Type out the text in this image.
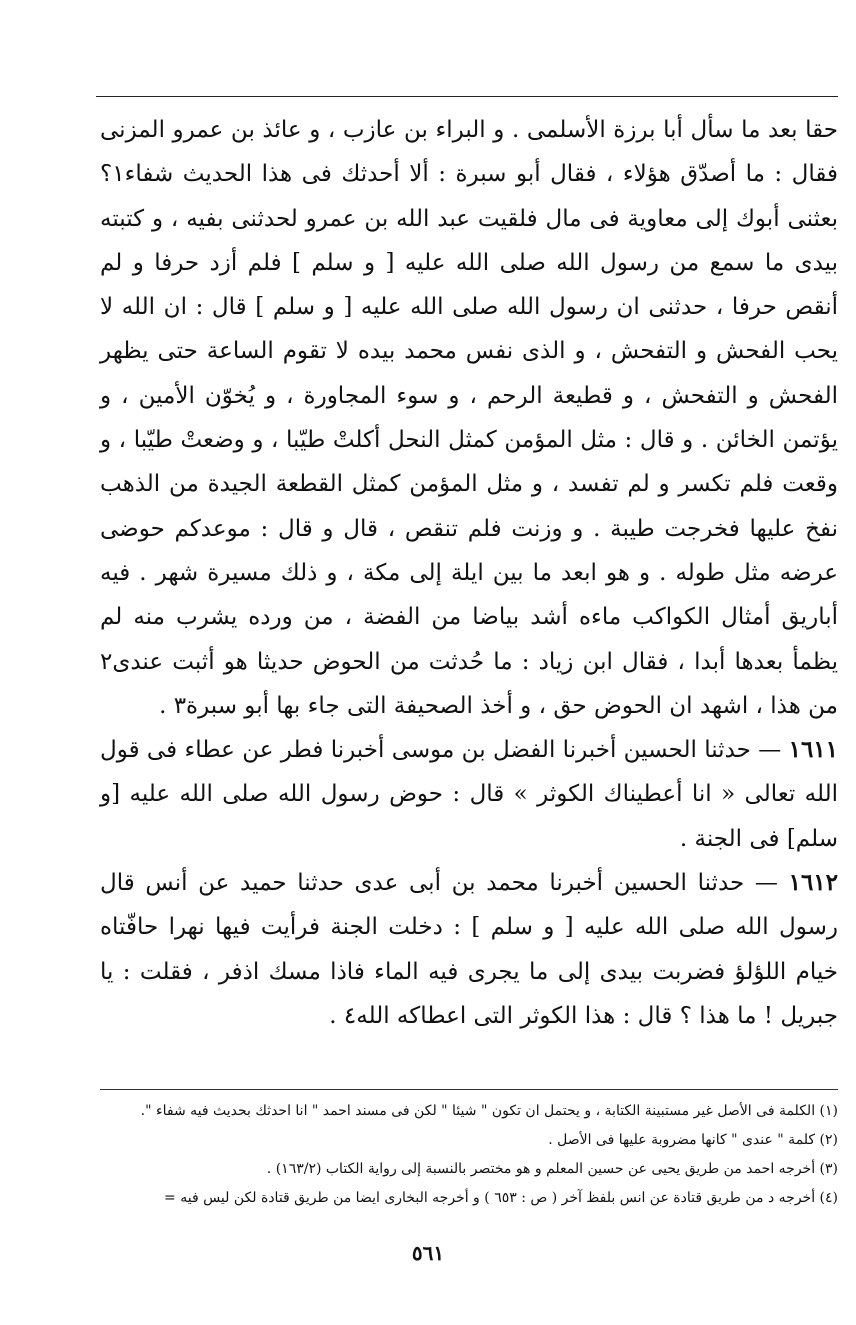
حقا بعد ما سأل أبا برزة الأسلمى . و البراء بن عازب ، و عائذ بن عمرو المزنى فقال : ما أصدّق هؤلاء ، فقال أبو سبرة : ألا أحدثك فى هذا الحديث شفاء١؟ بعثنى أبوك إلى معاوية فى مال فلقيت عبد الله بن عمرو لحدثنى بفيه ، و كتبته بيدى ما سمع من رسول الله صلى الله عليه [ و سلم ] فلم أزد حرفا و لم أنقص حرفا ، حدثنى ان رسول الله صلى الله عليه [ و سلم ] قال : ان الله لا يحب الفحش و التفحش ، و الذى نفس محمد بيده لا تقوم الساعة حتى يظهر الفحش و التفحش ، و قطيعة الرحم ، و سوء المجاورة ، و يُخوّن الأمين ، و يؤتمن الخائن . و قال : مثل المؤمن كمثل النحل أكلتْ طيّبا ، و وضعتْ طيّبا ، و وقعت فلم تكسر و لم تفسد ، و مثل المؤمن كمثل القطعة الجيدة من الذهب نفخ عليها فخرجت طيبة . و وزنت فلم تنقص ، قال و قال : موعدكم حوضى عرضه مثل طوله . و هو ابعد ما بين ايلة إلى مكة ، و ذلك مسيرة شهر . فيه أباريق أمثال الكواكب ماءه أشد بياضا من الفضة ، من ورده يشرب منه لم يظمأ بعدها أبدا ، فقال ابن زياد : ما حُدثت من الحوض حديثا هو أثبت عندى٢ من هذا ، اشهد ان الحوض حق ، و أخذ الصحيفة التى جاء بها أبو سبرة٣ .

١٦١١ — حدثنا الحسين أخبرنا الفضل بن موسى أخبرنا فطر عن عطاء فى قول الله تعالى « انا أعطيناك الكوثر » قال : حوض رسول الله صلى الله عليه [و سلم] فى الجنة .

١٦١٢ — حدثنا الحسين أخبرنا محمد بن أبى عدى حدثنا حميد عن أنس قال رسول الله صلى الله عليه [ و سلم ] : دخلت الجنة فرأيت فيها نهرا حافّتاه خيام اللؤلؤ فضربت بيدى إلى ما يجرى فيه الماء فاذا مسك اذفر ، فقلت : يا جبريل ! ما هذا ؟ قال : هذا الكوثر التى اعطاكه الله٤ .

(١) الكلمة فى الأصل غير مستبينة الكتابة ، و يحتمل ان تكون " شيئا " لكن فى مسند احمد " انا احدثك بحديث فيه شفاء ".

(٢) كلمة " عندى " كانها مضروبة عليها فى الأصل .

(٣) أخرجه احمد من طريق يحيى عن حسين المعلم و هو مختصر بالنسبة إلى رواية الكتاب (١٦٣/٢) .

(٤) أخرجه د من طريق قتادة عن انس بلفظ آخر ( ص : ٦٥٣ ) و أخرجه البخارى ايضا من طريق قتادة لكن ليس فيه =

٥٦١
